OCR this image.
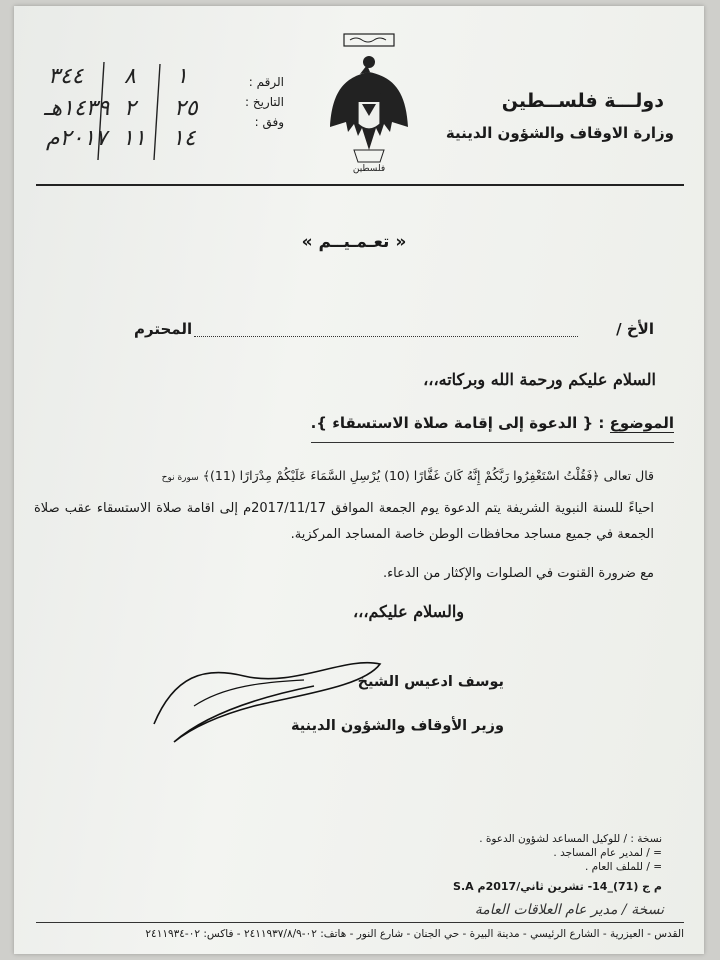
دولـــة فلســطين
وزارة الاوقاف والشؤون الدينية
فلسطين
الرقم :
التاريخ :
وفق :
١
٨
٣٤٤
٢٥
٢
١٤٣٩هـ
١٤
١١
٢٠١٧م
« تعـمـيــم »
الأخ /
المحترم
السلام عليكم ورحمة الله وبركاته،،،
الموضوع : { الدعوة إلى إقامة صلاة الاستسقاء }.
قال تعالى ﴿فَقُلْتُ اسْتَغْفِرُوا رَبَّكُمْ إِنَّهُ كَانَ غَفَّارًا (10) يُرْسِلِ السَّمَاءَ عَلَيْكُمْ مِدْرَارًا (11)﴾ سورة نوح
احياءً للسنة النبوية الشريفة يتم الدعوة يوم الجمعة الموافق 2017/11/17م إلى اقامة صلاة الاستسقاء عقب صلاة الجمعة في جميع مساجد محافظات الوطن خاصة المساجد المركزية.
مع ضرورة القنوت في الصلوات والإكثار من الدعاء.
والسلام عليكم،،،
يوسف ادعيس الشيخ
وزير الأوقاف والشؤون الدينية
نسخة : / للوكيل المساعد لشؤون الدعوة .
= / لمدير عام المساجد .
= / للملف العام .
م ج (71)_14- تشرين ثاني/2017م S.A
نسخة / مدير عام العلاقات العامة
القدس - العيزرية - الشارع الرئيسي - مدينة البيرة - حي الجنان - شارع النور - هاتف: ٠٢-٢٤١١٩٣٧/٨/٩ - فاكس: ٠٢-٢٤١١٩٣٤
